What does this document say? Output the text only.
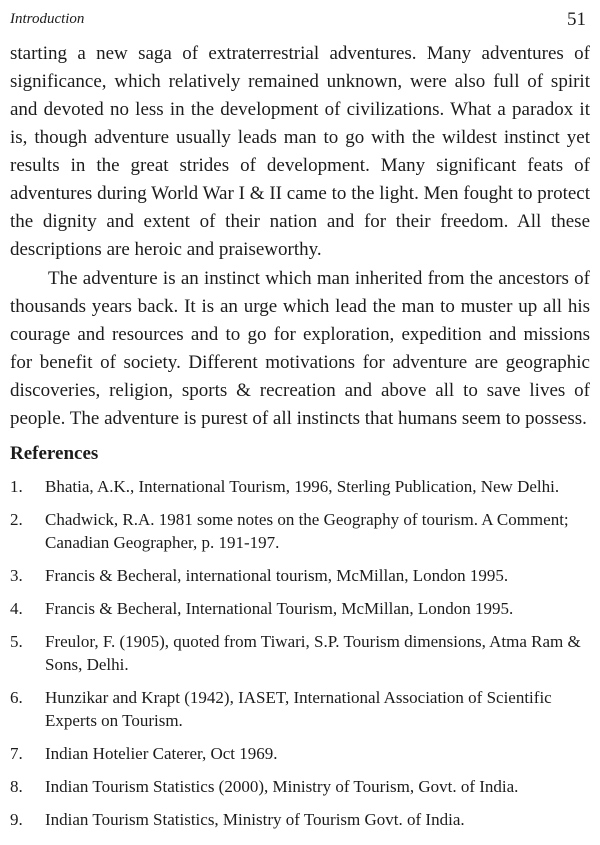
Introduction	51

starting a new saga of extraterrestrial adventures. Many adventures of significance, which relatively remained unknown, were also full of spirit and devoted no less in the development of civilizations. What a paradox it is, though adventure usually leads man to go with the wildest instinct yet results in the great strides of development. Many significant feats of adventures during World War I & II came to the light. Men fought to protect the dignity and extent of their nation and for their freedom. All these descriptions are heroic and praiseworthy.

The adventure is an instinct which man inherited from the ancestors of thousands years back. It is an urge which lead the man to muster up all his courage and resources and to go for exploration, expedition and missions for benefit of society. Different motivations for adventure are geographic discoveries, religion, sports & recreation and above all to save lives of people. The adventure is purest of all instincts that humans seem to possess.

References
1. Bhatia, A.K., International Tourism, 1996, Sterling Publication, New Delhi.
2. Chadwick, R.A. 1981 some notes on the Geography of tourism. A Comment; Canadian Geographer, p. 191-197.
3. Francis & Becheral, international tourism, McMillan, London 1995.
4. Francis & Becheral, International Tourism, McMillan, London 1995.
5. Freulor, F. (1905), quoted from Tiwari, S.P. Tourism dimensions, Atma Ram & Sons, Delhi.
6. Hunzikar and Krapt (1942), IASET, International Association of Scientific Experts on Tourism.
7. Indian Hotelier Caterer, Oct 1969.
8. Indian Tourism Statistics (2000), Ministry of Tourism, Govt. of India.
9. Indian Tourism Statistics, Ministry of Tourism Govt. of India.
